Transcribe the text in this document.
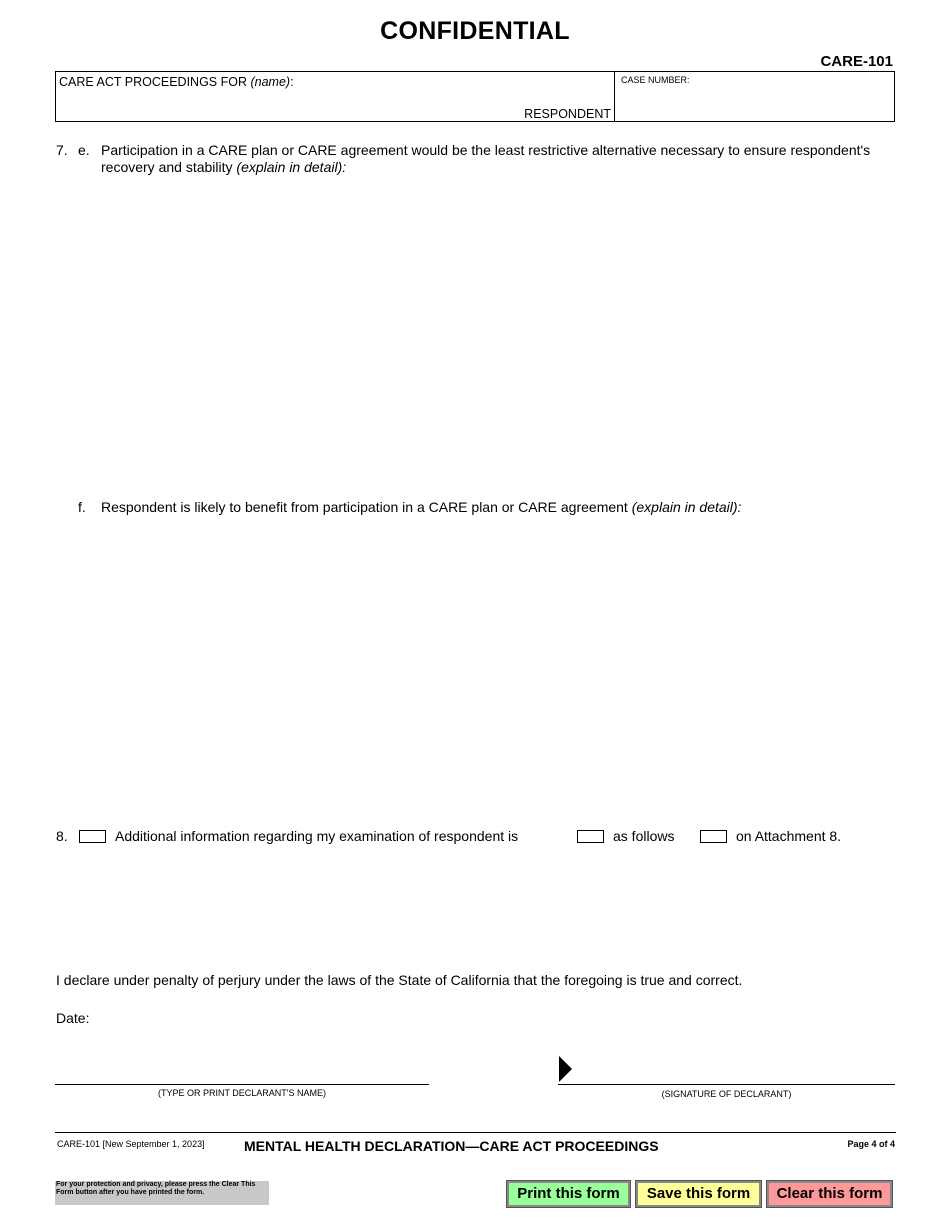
CONFIDENTIAL
CARE-101
CARE ACT PROCEEDINGS FOR (name):
RESPONDENT
CASE NUMBER:
7. e. Participation in a CARE plan or CARE agreement would be the least restrictive alternative necessary to ensure respondent's recovery and stability (explain in detail):
f. Respondent is likely to benefit from participation in a CARE plan or CARE agreement (explain in detail):
8.	Additional information regarding my examination of respondent is	as follows	on Attachment 8.
I declare under penalty of perjury under the laws of the State of California that the foregoing is true and correct.
Date:
(TYPE OR PRINT DECLARANT'S NAME)	(SIGNATURE OF DECLARANT)
CARE-101 [New September 1, 2023]	MENTAL HEALTH DECLARATION—CARE ACT PROCEEDINGS	Page 4 of 4
For your protection and privacy, please press the Clear This Form button after you have printed the form.	Print this form	Save this form	Clear this form
